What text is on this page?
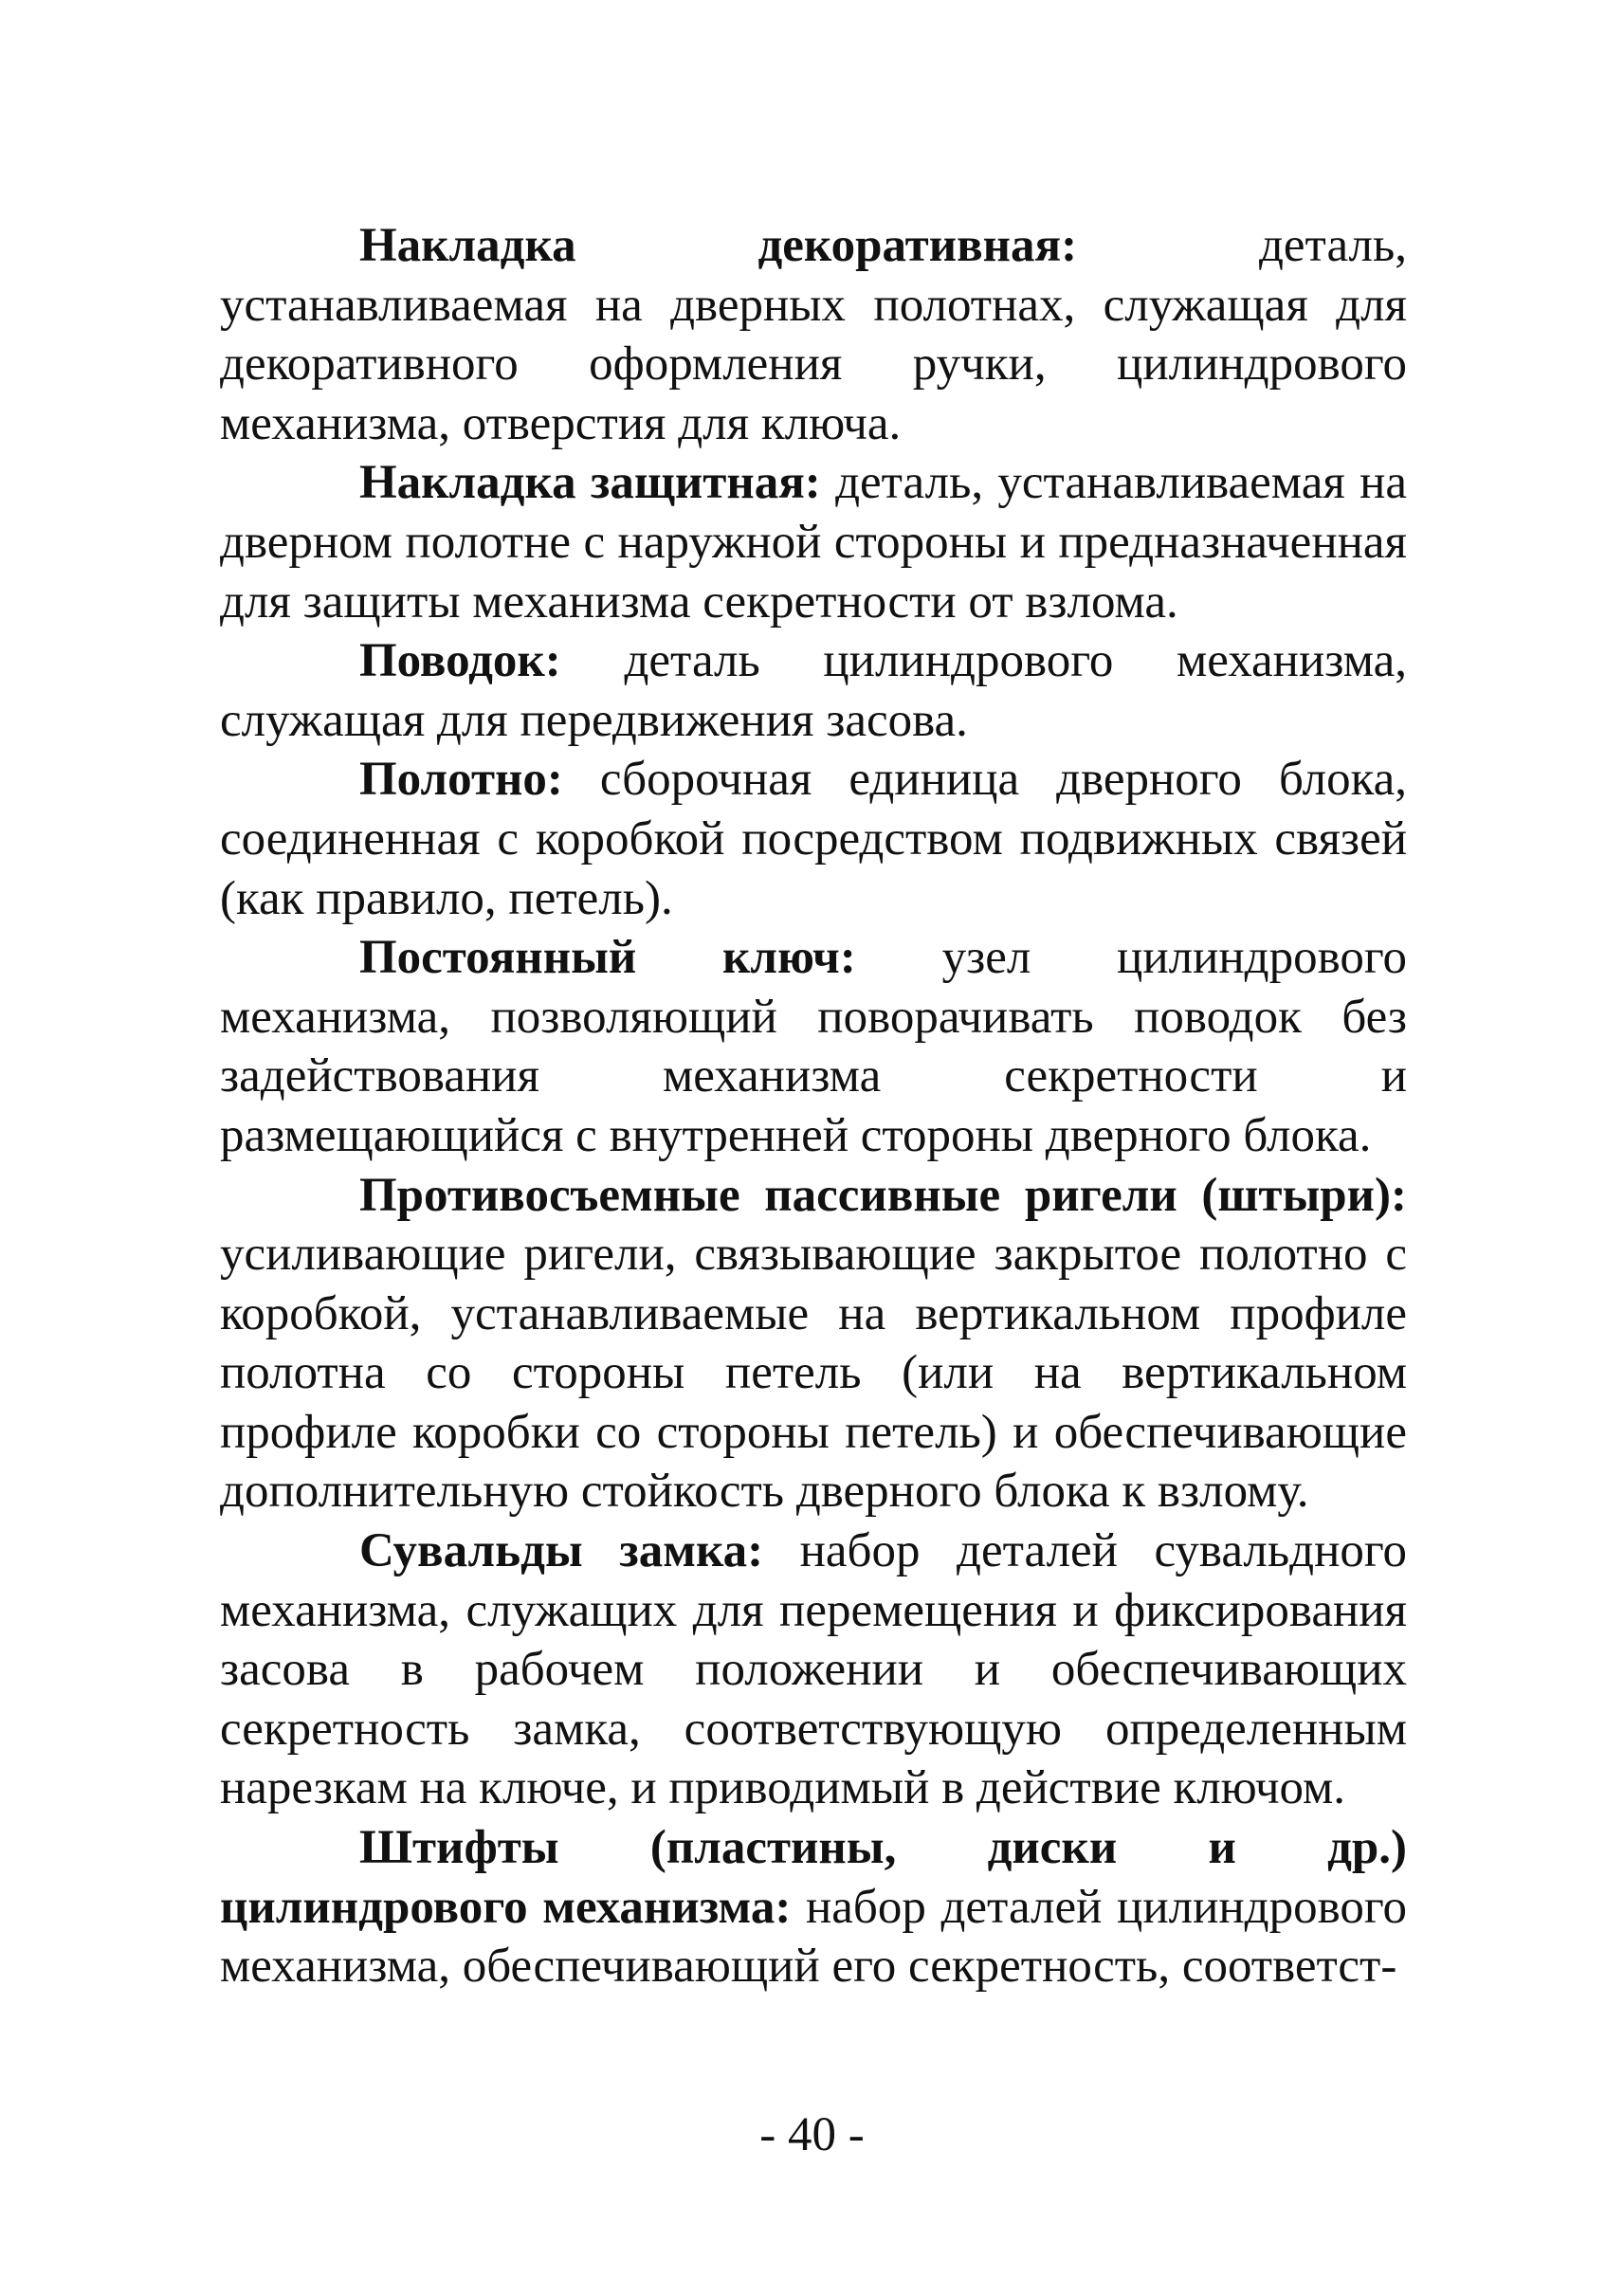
Накладка декоративная:	деталь, устанавливаемая на дверных полотнах, служащая для декоративного оформления ручки, цилиндрового механизма, отверстия для ключа.

Накладка защитная: деталь, устанавливаемая на дверном полотне с наружной стороны и предназначенная для защиты механизма секретности от взлома.

Поводок: деталь цилиндрового механизма, служащая для передвижения засова.

Полотно: сборочная единица дверного блока, соединенная с коробкой посредством подвижных связей (как правило, петель).

Постоянный ключ: узел цилиндрового механизма, позволяющий поворачивать поводок без задействования механизма секретности и размещающийся с внутренней стороны дверного блока.

Противосъемные пассивные ригели (штыри): усиливающие ригели, связывающие закрытое полотно с коробкой, устанавливаемые на вертикальном профиле полотна со стороны петель (или на вертикальном профиле коробки со стороны петель) и обеспечивающие дополнительную стойкость дверного блока к взлому.

Сувальды замка: набор деталей сувальдного механизма, служащих для перемещения и фиксирования засова в рабочем положении и обеспечивающих секретность замка, соответствующую определенным нарезкам на ключе, и приводимый в действие ключом.

Штифты (пластины, диски и др.) цилиндрового механизма: набор деталей цилиндрового механизма, обеспечивающий его секретность, соответст-

- 40 -
